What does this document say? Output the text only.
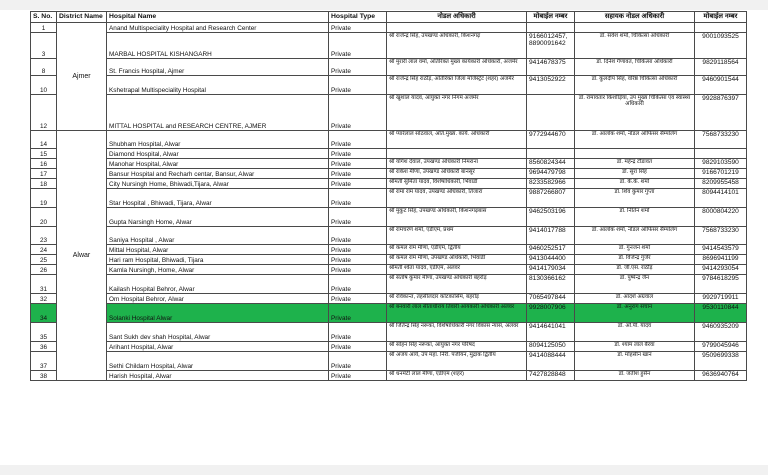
S. No.	District Name	Hospital Name	Hospital Type	नोडल अधिकारी	मोबाईल नम्बर	सहायक नोडल अधिकारी	मोबाईल नम्बर
1	Ajmer	Anand Multispeciality Hospital and Research Center	Private				
3		MARBAL HOSPITAL KISHANGARH	Private	श्री राजेन्द्र सिंह, उपखण्ड अधिकारी, किशनगढ़	9166012457, 8890091642	डॉ. सर्वेश शर्मा, चिकित्सा अधिकारी	9001093525
8		St. Francis Hospital, Ajmer	Private	श्री मुरारी लाल वर्मा, अतिरिक्त मुख्य कार्यकारी अधिकारी, अजमेर	9414678375	डॉ. दिनेश गैणावत, चिकित्सा अधिकारी	9829118564
10		Kshetrapal Multispeciality Hospital	Private	श्री राजेन्द्र सिंह राठौड़, अतिरिक्त जिला मजिस्ट्रेट (शहर) अजमेर	9413052922	डॉ. कुलदीप सिंह, वरिष्ठ चिकित्सा अधिकारी	9460901544
12		MITTAL HOSPITAL and RESEARCH CENTRE, AJMER	Private	श्री खुशाल यादव, आयुक्त नगर निगम अजमेर		डॉ. रामावतार किशोड़िया, उप मुख्य चिकित्सा एवं स्वास्थ्य अधिकारी	9928876397
14	Alwar	Shubham Hospital, Alwar	Private	श्री प्यारेलाल सोठवाल, अति.मुख्य. कार्य. अधिकारी	9772944670	डॉ. आलोक शर्मा, नोडल ऑफिसर सैम्पलिंग	7568733230
15		Diamond Hospital, Alwar	Private				
16		Manohar Hospital, Alwar	Private	श्री योगेश देवाल, उपखण्ड अधिकारी निमराना	8560824344	डॉ. महेन्द्र टौडावत	9829103590
17		Bansur Hospital and Recharh centar, Bansur, Alwar	Private	श्री राकेश मीणा, उपखण्ड अधिकारी बानसूर	9694479798	डॉ. सुरा सिंह	9166701219
18		City Nursingh Home, Bhiwadi,Tijara, Alwar	Private	श्रीमती सुमिता यादव, विशेषाधिकारी, भिवाडी	8233582966	डॉ. के.के. शर्मा	8209955458
19		Star Hospital , Bhiwadi, Tijara, Alwar	Private	श्री रामा राम यादव, उपखण्ड अधिकारी, तिजारा	9887266807	डॉ. शिव कुमार गुप्ता	8094414101
20		Gupta Narsingh Home, Alwar	Private	श्री मुकुट सिंह, उपखण्ड अधिकारी, किशनगढ़बास	9462503196	डॉ. नितिन शर्मा	8000804220
23		Saniya Hospital , Alwar	Private	श्री रामचरण शर्मा, एडीएम, प्रथम	9414017788	डॉ. आलोक शर्मा, नोडल ऑफिसर सैम्पलिंग	7568733230
24		Mittal Hospital, Alwar	Private	श्री कमल राम मीणा, एडीएम, द्वितीय	9460252517	डॉ. गुनजन शर्मा	9414543579
25		Hari ram Hospital, Bhiwadi, Tijara	Private	श्री कमल राम मीणा, उपखण्ड अधिकारी, भिवाडी	9413044400	डॉ. विजेन्द्र गुर्जर	8696941199
26		Kamla Nursingh, Home, Alwar	Private	श्रीमती श्वेता यादव, एडीएम, अलवर	9414179034	डॉ. जी.एस. राठौड़	9414293054
31		Kailash Hospital Behror, Alwar	Private	श्री संतोष कुमार मीणा, उपखण्ड अधिकारी बहरोड़	8130366162	डॉ. पुष्पेन्द्र जैन	9784618295
32		Om Hospital Behror, Alwar	Private	श्री रविकान्त, तहसीलदार कोटकासिम, बहरोड़	7065497844	डॉ. आदर्श अग्रवाल	9929719911
34		Solanki Hospital Alwar	Private	श्री बनवारी लाल सीताधीराय तिवारी आयकारी अधिकारी अलवर	9928007906	डॉ. अनुराग सचान	9530110844
35		Sant Sukh dev shah Hospital, Alwar	Private	श्री जितेन्द्र सिंह नरूका, विशेषाधिकारी नगर विकास न्यास, अलवर	9414641041	डॉ. ओ.पी. यादव	9460935209
36		Arihant Hospital, Alwar	Private	श्री सोहन सिंह नरूका, आयुक्त नगर परिषद	8094125050	डॉ. श्याम लाल बैरवा	9799045946
37		Sethi Childarn Hospital, Alwar	Private	श्री अजय आर्य, उप महा. निरी. पंजीयन, मुद्रांक द्वितीय	9414088444	डॉ. मोहसीन खान	9509699338
38		Harish Hospital, Alwar	Private	श्री धनमेटी लाल मीणा, एडीएम (शहर)	7427828848	डॉ. जतीश हुसैन	9636940764
